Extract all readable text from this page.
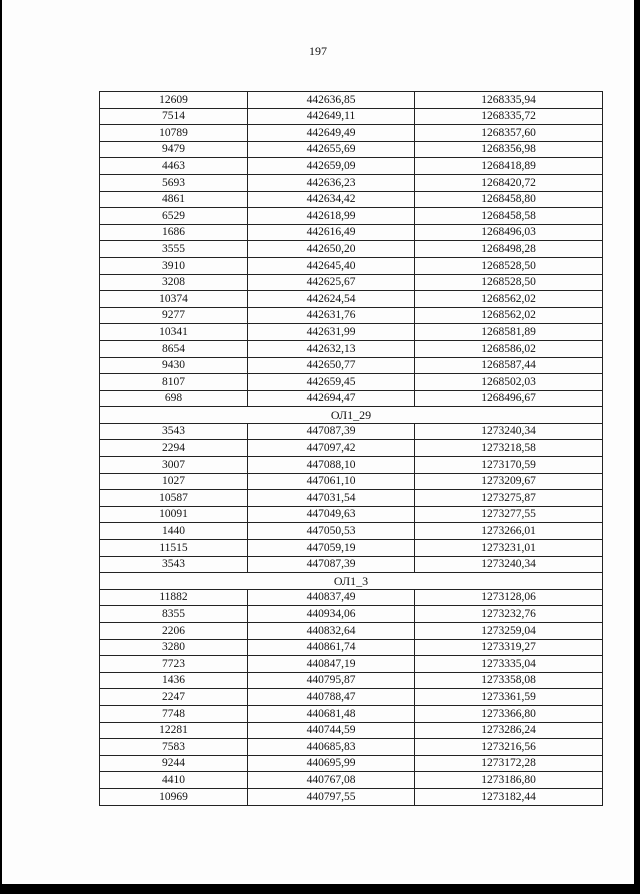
197
12609	442636,85	1268335,94
7514	442649,11	1268335,72
10789	442649,49	1268357,60
9479	442655,69	1268356,98
4463	442659,09	1268418,89
5693	442636,23	1268420,72
4861	442634,42	1268458,80
6529	442618,99	1268458,58
1686	442616,49	1268496,03
3555	442650,20	1268498,28
3910	442645,40	1268528,50
3208	442625,67	1268528,50
10374	442624,54	1268562,02
9277	442631,76	1268562,02
10341	442631,99	1268581,89
8654	442632,13	1268586,02
9430	442650,77	1268587,44
8107	442659,45	1268502,03
698	442694,47	1268496,67
ОЛ1_29		
3543	447087,39	1273240,34
2294	447097,42	1273218,58
3007	447088,10	1273170,59
1027	447061,10	1273209,67
10587	447031,54	1273275,87
10091	447049,63	1273277,55
1440	447050,53	1273266,01
11515	447059,19	1273231,01
3543	447087,39	1273240,34
ОЛ1_3		
11882	440837,49	1273128,06
8355	440934,06	1273232,76
2206	440832,64	1273259,04
3280	440861,74	1273319,27
7723	440847,19	1273335,04
1436	440795,87	1273358,08
2247	440788,47	1273361,59
7748	440681,48	1273366,80
12281	440744,59	1273286,24
7583	440685,83	1273216,56
9244	440695,99	1273172,28
4410	440767,08	1273186,80
10969	440797,55	1273182,44
